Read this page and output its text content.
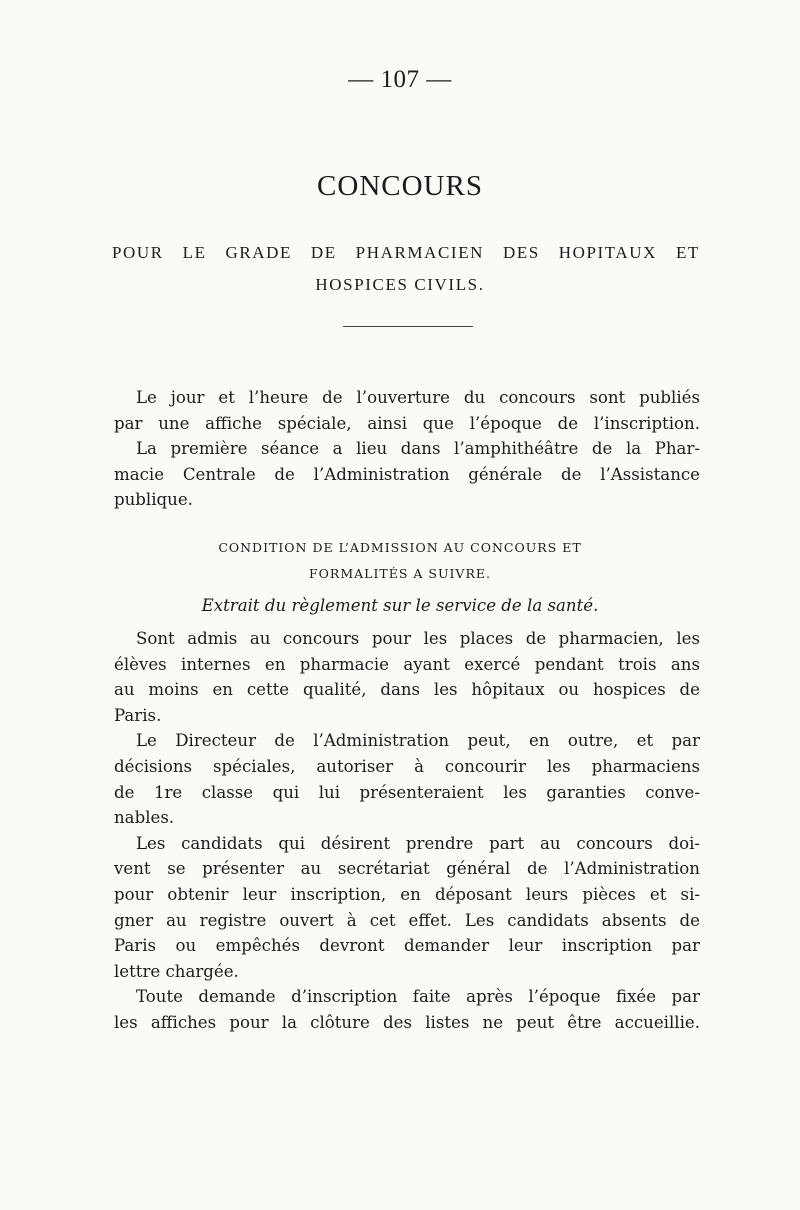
— 107 —
CONCOURS
POUR LE GRADE DE PHARMACIEN DES HOPITAUX ET
HOSPICES CIVILS.
Le jour et l’heure de l’ouverture du concours sont publiés
par une affiche spéciale, ainsi que l’époque de l’inscription.
La première séance a lieu dans l’amphithéâtre de la Phar-
macie Centrale de l’Administration générale de l’Assistance
publique.
CONDITION DE L’ADMISSION AU CONCOURS ET
FORMALITÉS A SUIVRE.
Extrait du règlement sur le service de la santé.
Sont admis au concours pour les places de pharmacien, les
élèves internes en pharmacie ayant exercé pendant trois ans
au moins en cette qualité, dans les hôpitaux ou hospices de
Paris.
Le Directeur de l’Administration peut, en outre, et par
décisions spéciales, autoriser à concourir les pharmaciens
de 1re classe qui lui présenteraient les garanties conve-
nables.
Les candidats qui désirent prendre part au concours doi-
vent se présenter au secrétariat général de l’Administration
pour obtenir leur inscription, en déposant leurs pièces et si-
gner au registre ouvert à cet effet. Les candidats absents de
Paris ou empêchés devront demander leur inscription par
lettre chargée.
Toute demande d’inscription faite après l’époque fixée par
les affiches pour la clôture des listes ne peut être accueillie.
